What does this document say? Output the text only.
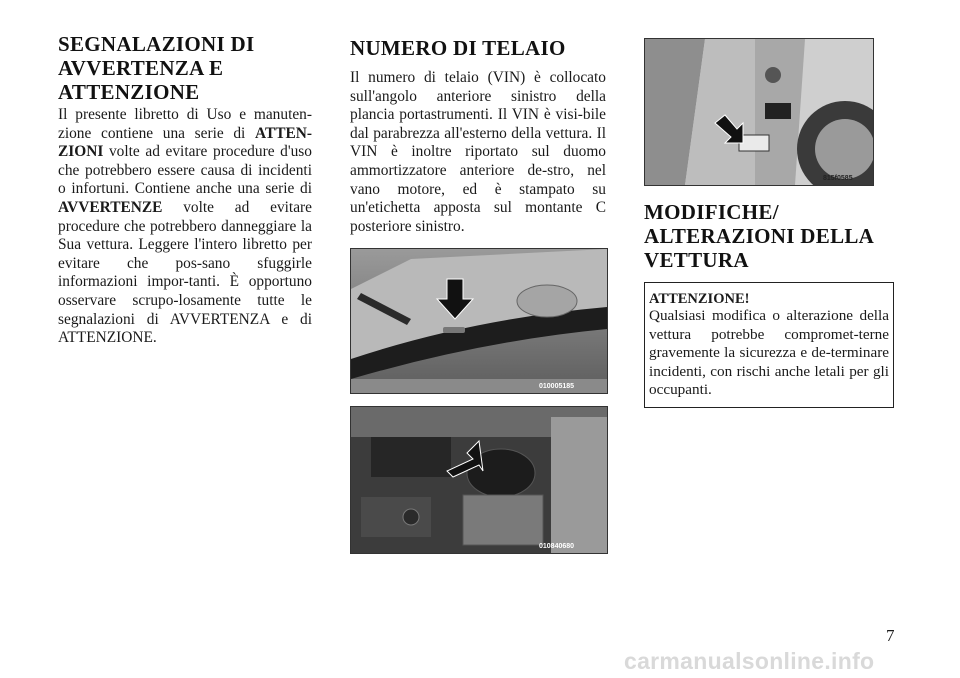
SEGNALAZIONI DI
AVVERTENZA E
ATTENZIONE

Il presente libretto di Uso e manuten-zione contiene una serie di ATTEN-ZIONI volte ad evitare procedure d'uso che potrebbero essere causa di incidenti o infortuni. Contiene anche una serie di AVVERTENZE volte ad evitare procedure che potrebbero danneggiare la Sua vettura. Leggere l'intero libretto per evitare che pos-sano sfuggirle informazioni impor-tanti. È opportuno osservare scrupo-losamente tutte le segnalazioni di AVVERTENZA e di ATTENZIONE.

NUMERO DI TELAIO

Il numero di telaio (VIN) è collocato sull'angolo anteriore sinistro della plancia portastrumenti. Il VIN è visi-bile dal parabrezza all'esterno della vettura. Il VIN è inoltre riportato sul duomo ammortizzatore anteriore de-stro, nel vano motore, ed è stampato su un'etichetta apposta sul montante C posteriore sinistro.

010005185
010840680
815f0585
MODIFICHE/
ALTERAZIONI DELLA
VETTURA
ATTENZIONE!
Qualsiasi modifica o alterazione della vettura potrebbe compromet-terne gravemente la sicurezza e de-terminare incidenti, con rischi anche letali per gli occupanti.
7
carmanualsonline.info
